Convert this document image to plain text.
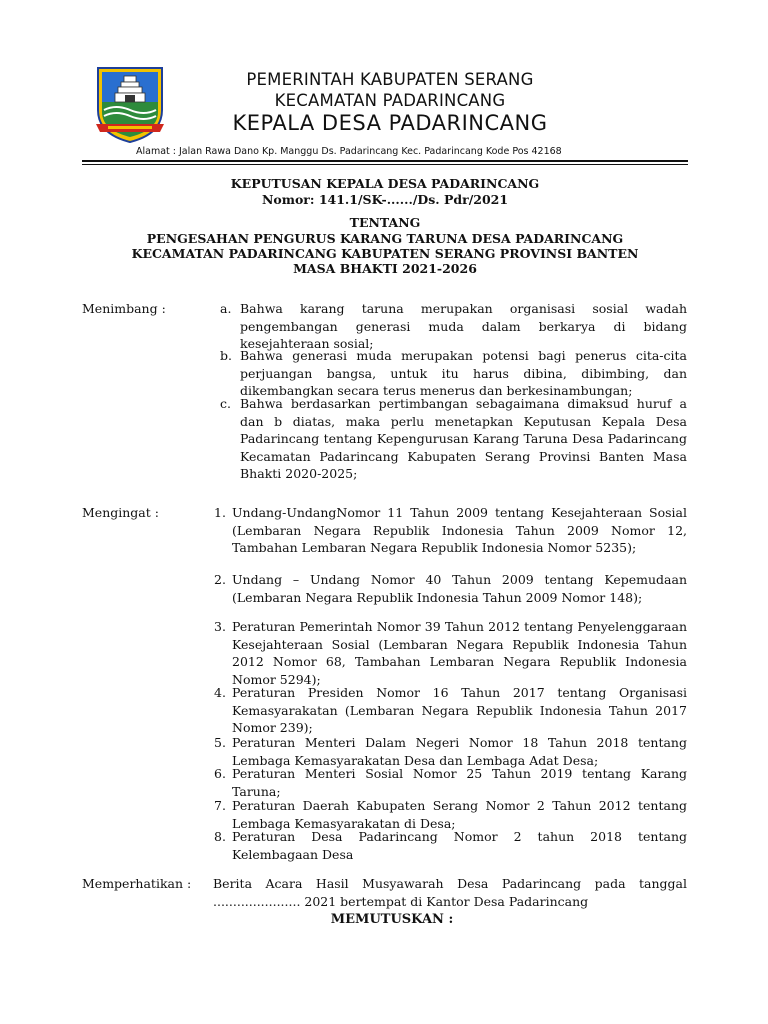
PEMERINTAH KABUPATEN SERANG
KECAMATAN PADARINCANG
KEPALA DESA PADARINCANG
Alamat : Jalan Rawa Dano Kp. Manggu Ds. Padarincang Kec. Padarincang Kode Pos 42168
KEPUTUSAN KEPALA DESA PADARINCANG
Nomor: 141.1/SK-....../Ds. Pdr/2021
TENTANG
PENGESAHAN PENGURUS KARANG TARUNA DESA PADARINCANG
KECAMATAN PADARINCANG KABUPATEN SERANG PROVINSI BANTEN
MASA BHAKTI 2021-2026
Menimbang :	a. Bahwa karang taruna merupakan organisasi sosial wadah pengembangan generasi muda dalam berkarya di bidang kesejahteraan sosial;
b. Bahwa generasi muda merupakan potensi bagi penerus cita-cita perjuangan bangsa, untuk itu harus dibina, dibimbing, dan dikembangkan secara terus menerus dan berkesinambungan;
c. Bahwa berdasarkan pertimbangan sebagaimana dimaksud huruf a dan b diatas, maka perlu menetapkan Keputusan Kepala Desa Padarincang tentang Kepengurusan Karang Taruna Desa Padarincang Kecamatan Padarincang Kabupaten Serang Provinsi Banten Masa Bhakti 2020-2025;
Mengingat :	1. Undang-UndangNomor 11 Tahun 2009 tentang Kesejahteraan Sosial (Lembaran Negara Republik Indonesia Tahun 2009 Nomor 12, Tambahan Lembaran Negara Republik Indonesia Nomor 5235);
2. Undang – Undang Nomor 40 Tahun 2009 tentang Kepemudaan (Lembaran Negara Republik Indonesia Tahun 2009 Nomor 148);
3. Peraturan Pemerintah Nomor 39 Tahun 2012 tentang Penyelenggaraan Kesejahteraan Sosial (Lembaran Negara Republik Indonesia Tahun 2012 Nomor 68, Tambahan Lembaran Negara Republik Indonesia Nomor 5294);
4. Peraturan Presiden Nomor 16 Tahun 2017 tentang Organisasi Kemasyarakatan (Lembaran Negara Republik Indonesia Tahun 2017 Nomor 239);
5. Peraturan Menteri Dalam Negeri Nomor 18 Tahun 2018 tentang Lembaga Kemasyarakatan Desa dan Lembaga Adat Desa;
6. Peraturan Menteri Sosial Nomor 25 Tahun 2019 tentang Karang Taruna;
7. Peraturan Daerah Kabupaten Serang Nomor 2 Tahun 2012 tentang Lembaga Kemasyarakatan di Desa;
8. Peraturan Desa Padarincang Nomor 2 tahun 2018 tentang Kelembagaan Desa
Memperhatikan : Berita Acara Hasil Musyawarah Desa Padarincang pada tanggal ...................... 2021 bertempat di Kantor Desa Padarincang
MEMUTUSKAN :
